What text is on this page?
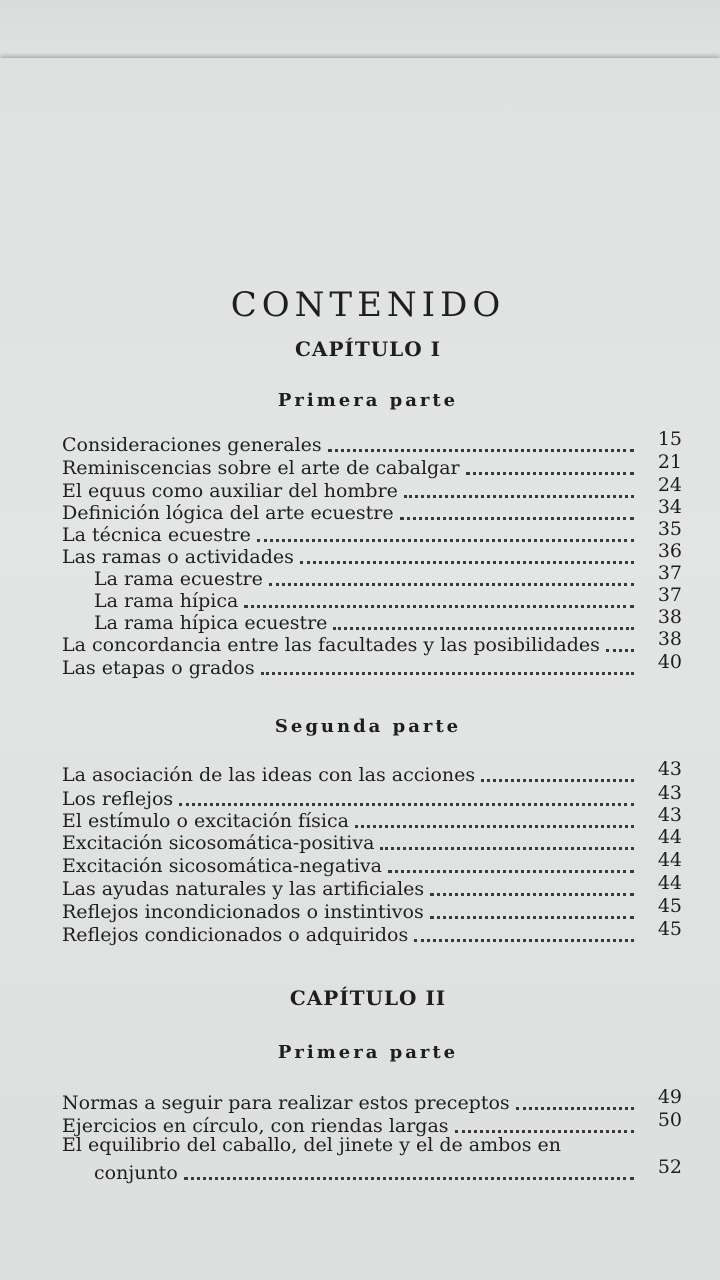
CONTENIDO
CAPÍTULO I
Primera parte
Consideraciones generales	15
Reminiscencias sobre el arte de cabalgar	21
El equus como auxiliar del hombre	24
Definición lógica del arte ecuestre	34
La técnica ecuestre	35
Las ramas o actividades	36
La rama ecuestre	37
La rama hípica	37
La rama hípica ecuestre	38
La concordancia entre las facultades y las posibilidades	38
Las etapas o grados	40
Segunda parte
La asociación de las ideas con las acciones	43
Los reflejos	43
El estímulo o excitación física	43
Excitación sicosomática-positiva	44
Excitación sicosomática-negativa	44
Las ayudas naturales y las artificiales	44
Reflejos incondicionados o instintivos	45
Reflejos condicionados o adquiridos	45
CAPÍTULO II
Primera parte
Normas a seguir para realizar estos preceptos	49
Ejercicios en círculo, con riendas largas	50
El equilibrio del caballo, del jinete y el de ambos en
conjunto	52
